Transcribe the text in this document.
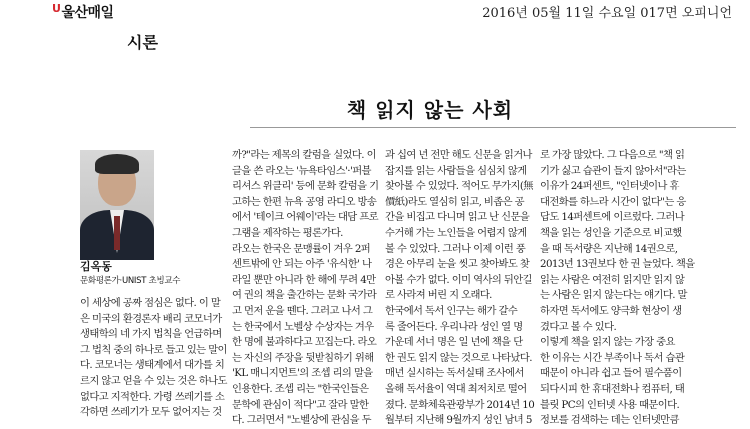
$^U$울산매일	2016년 05월 11일 수요일 017면 오피니언
시론
책 읽지 않는 사회
김옥동
문화평론가·UNIST 초빙교수
이 세상에 공짜 점심은 없다. 이 말
은 미국의 환경론자 배리 코모너가
생태학의 네 가지 법칙을 언급하며
그 법칙 중의 하나로 들고 있는 말이
다. 코모너는 생태계에서 대가를 치
르지 않고 얻을 수 있는 것은 하나도
없다고 지적한다. 가령 쓰레기를 소
각하면 쓰레기가 모두 없어지는 것
까?"라는 제목의 칼럼을 실었다. 이
글을 쓴 라오는 '뉴욕타임스'·'퍼블
리셔스 위클리' 등에 문화 칼럼을 기
고하는 한편 뉴욕 공영 라디오 방송
에서 '테이크 어웨이'라는 대담 프로
그램을 제작하는 평론가다.
라오는 한국은 문맹률이 겨우 2퍼
센트밖에 안 되는 아주 '유식한' 나
라일 뿐만 아니라 한 해에 무려 4만
여 권의 책을 출간하는 문화 국가라
고 먼저 운을 뗀다. 그러고 나서 그
는 한국에서 노벨상 수상자는 겨우
한 명에 불과하다고 꼬집는다. 라오
는 자신의 주장을 뒷받침하기 위해
'KL 매니지먼트'의 조셉 리의 말을
인용한다. 조셉 리는 "한국인들은
문학에 관심이 적다"고 잘라 말한
다. 그러면서 "노벨상에 관심을 두
과 십여 년 전만 해도 신문을 읽거나
잡지를 읽는 사람들을 심심치 않게
찾아볼 수 있었다. 적어도 무가지(無
價紙)라도 열심히 읽고, 비좁은 공
간을 비집고 다니며 읽고 난 신문을
수거해 가는 노인들을 어렵지 않게
볼 수 있었다. 그러나 이제 이런 풍
경은 아무리 눈을 씻고 찾아봐도 찾
아볼 수가 없다. 이미 역사의 뒤안길
로 사라져 버린 지 오래다.
한국에서 독서 인구는 해가 갈수
록 줄어든다. 우리나라 성인 열 명
가운데 서너 명은 일 년에 책을 단
한 권도 읽지 않는 것으로 나타났다.
매년 실시하는 독서실태 조사에서
올해 독서율이 역대 최저치로 떨어
졌다. 문화체육관광부가 2014년 10
월부터 지난해 9월까지 성인 남녀 5
로 가장 많았다. 그 다음으로 "책 읽
기가 싫고 습관이 들지 않아서"라는
이유가 24퍼센트, "인터넷이나 휴
대전화를 하느라 시간이 없다"는 응
답도 14퍼센트에 이르렀다. 그러나
책을 읽는 성인을 기준으로 비교했
을 때 독서량은 지난해 14권으로,
2013년 13권보다 한 권 늘었다. 책을
읽는 사람은 여전히 읽지만 읽지 않
는 사람은 읽지 않는다는 얘기다. 말
하자면 독서에도 양극화 현상이 생
겼다고 볼 수 있다.
이렇게 책을 읽지 않는 가장 중요
한 이유는 시간 부족이나 독서 습관
때문이 아니라 쉽고 들어 필수품이
되다시피 한 휴대전화나 컴퓨터, 태
블릿 PC의 인터넷 사용 때문이다.
정보를 검색하는 데는 인터넷만큼
